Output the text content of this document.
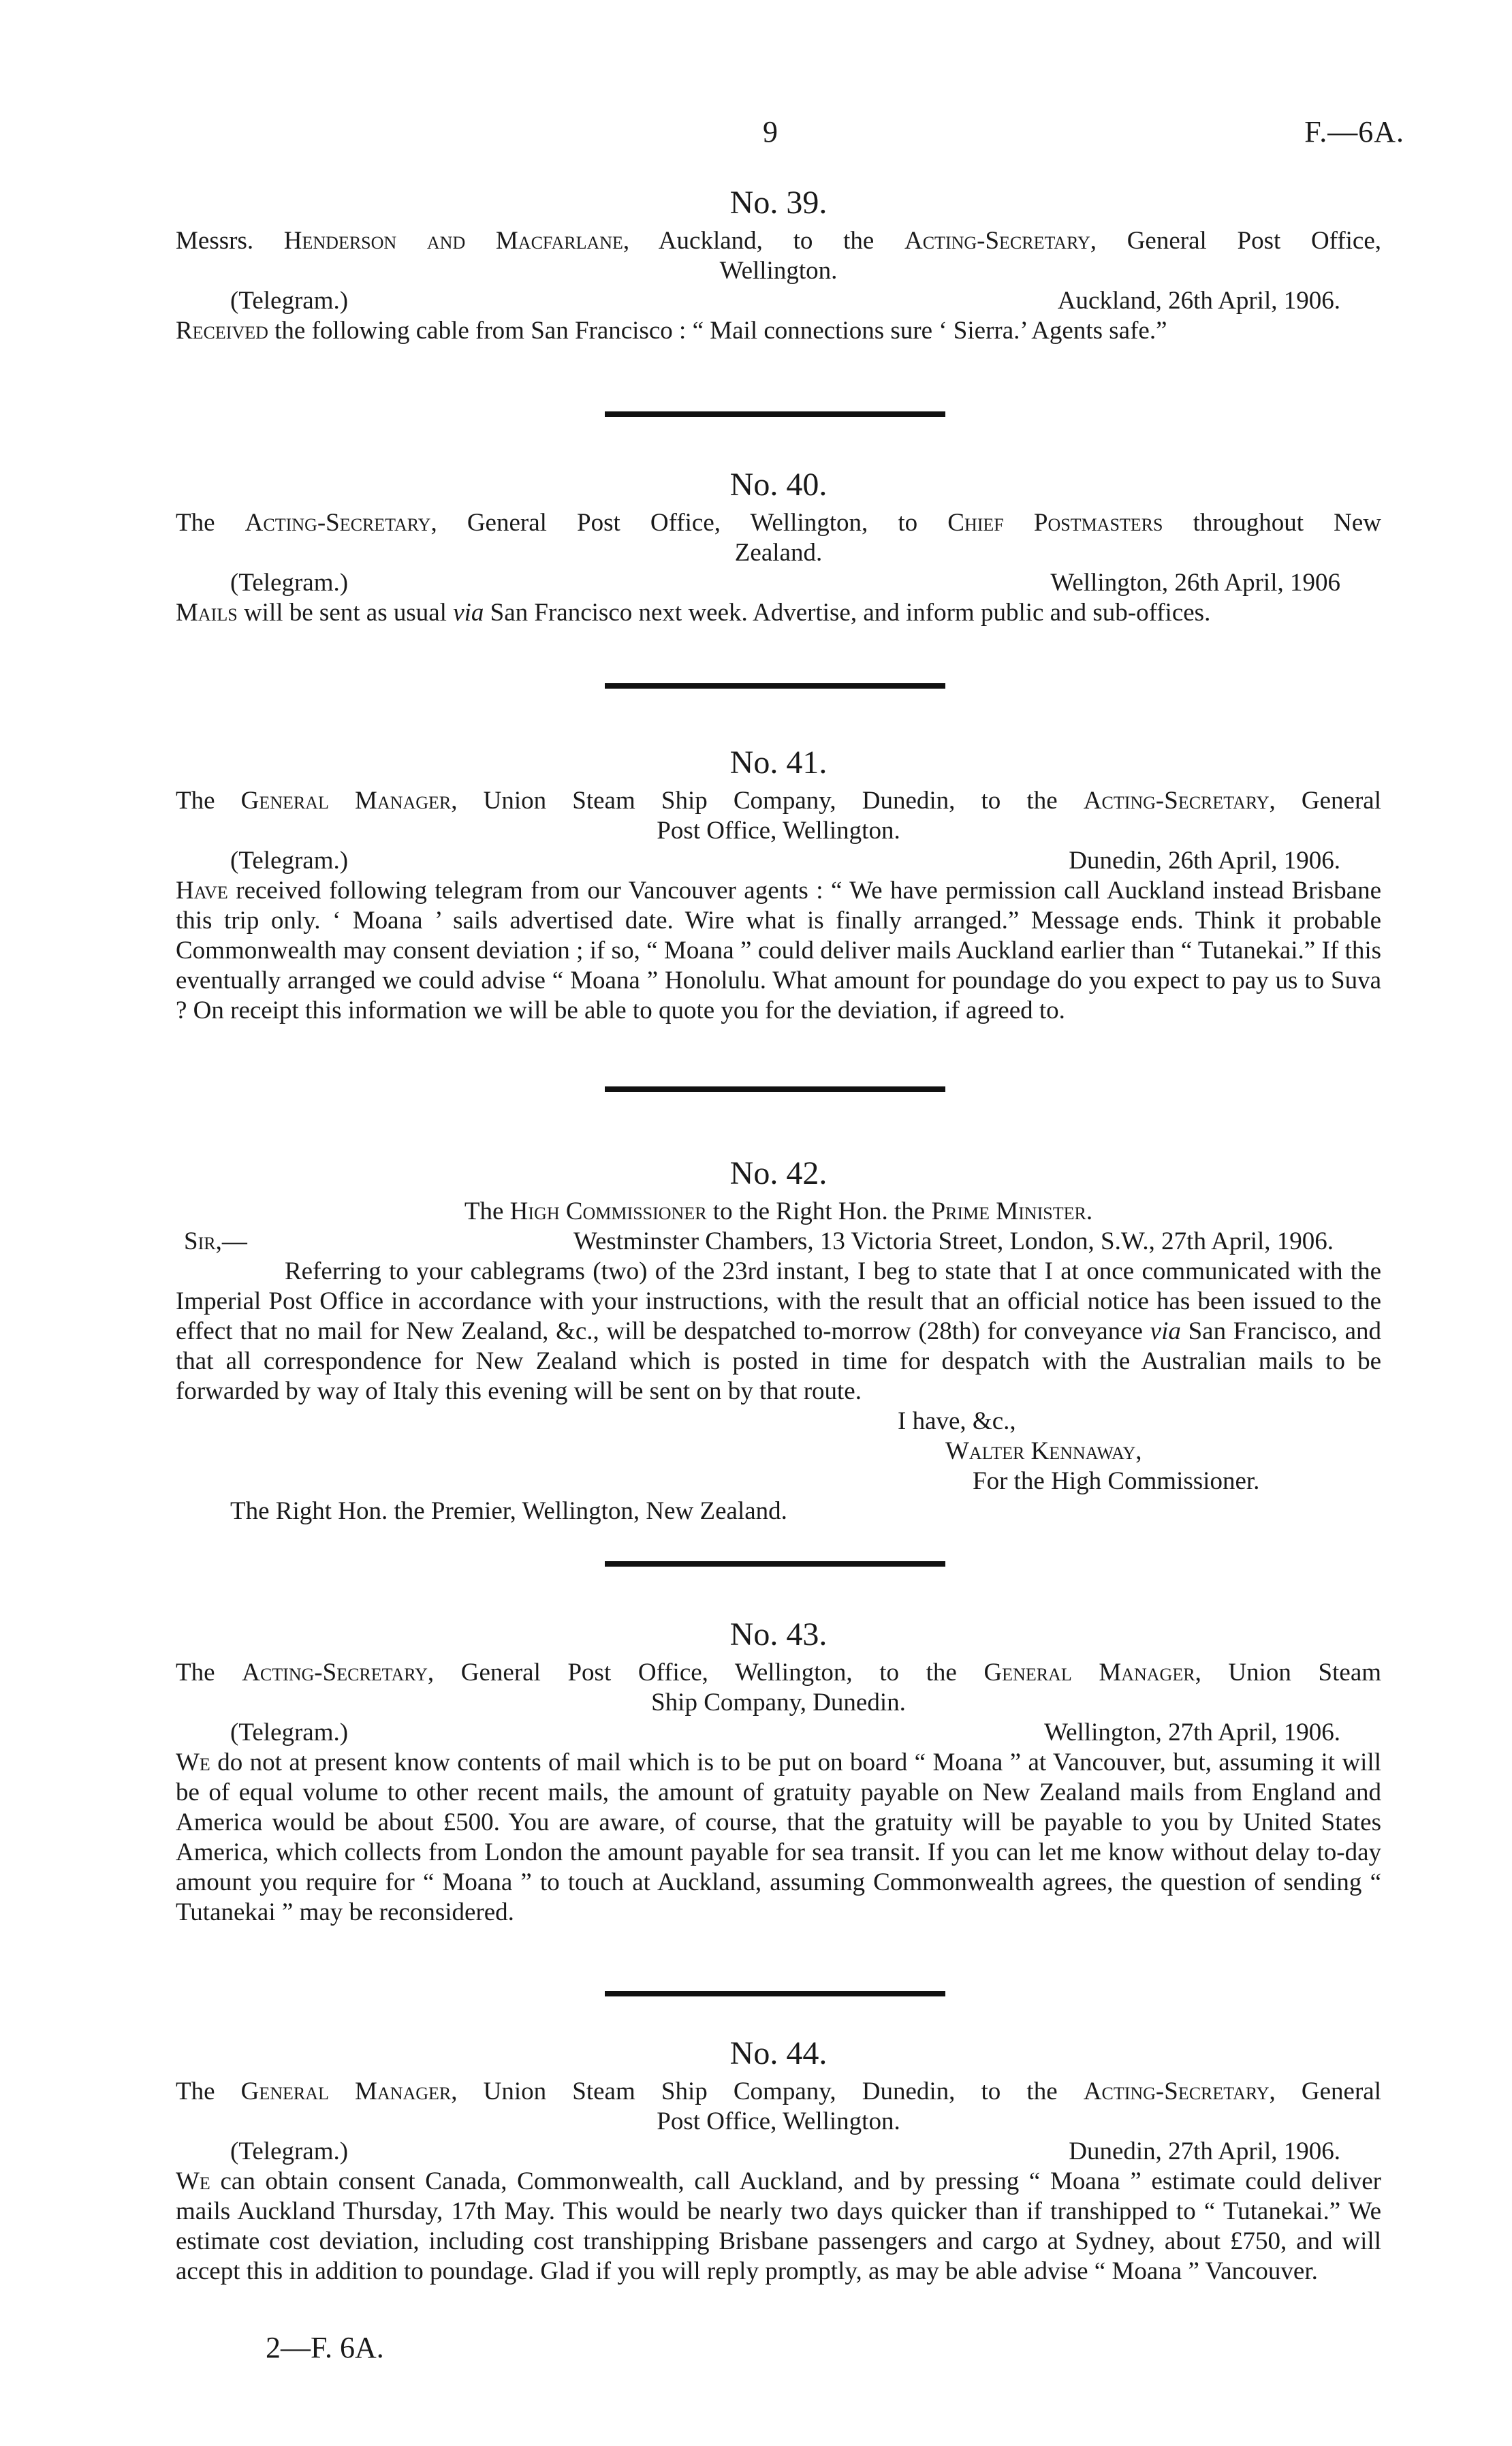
9	F.—6A.
No. 39.
Messrs. Henderson and Macfarlane, Auckland, to the Acting-Secretary, General Post Office,
Wellington.
(Telegram.)	Auckland, 26th April, 1906.
Received the following cable from San Francisco : “ Mail connections sure ‘ Sierra.’ Agents safe.”
No. 40.
The Acting-Secretary, General Post Office, Wellington, to Chief Postmasters throughout New
Zealand.
(Telegram.)	Wellington, 26th April, 1906
Mails will be sent as usual via San Francisco next week. Advertise, and inform public and sub-offices.
No. 41.
The General Manager, Union Steam Ship Company, Dunedin, to the Acting-Secretary, General
Post Office, Wellington.
(Telegram.)	Dunedin, 26th April, 1906.
Have received following telegram from our Vancouver agents : “ We have permission call Auckland instead Brisbane this trip only. ‘ Moana ’ sails advertised date. Wire what is finally arranged.” Message ends. Think it probable Commonwealth may consent deviation ; if so, “ Moana ” could deliver mails Auckland earlier than “ Tutanekai.” If this eventually arranged we could advise “ Moana ” Honolulu. What amount for poundage do you expect to pay us to Suva ? On receipt this information we will be able to quote you for the deviation, if agreed to.
No. 42.
The High Commissioner to the Right Hon. the Prime Minister.
Sir,—	Westminster Chambers, 13 Victoria Street, London, S.W., 27th April, 1906.
Referring to your cablegrams (two) of the 23rd instant, I beg to state that I at once communicated with the Imperial Post Office in accordance with your instructions, with the result that an official notice has been issued to the effect that no mail for New Zealand, &c., will be despatched to-morrow (28th) for conveyance via San Francisco, and that all correspondence for New Zealand which is posted in time for despatch with the Australian mails to be forwarded by way of Italy this evening will be sent on by that route.
I have, &c.,
Walter Kennaway,
For the High Commissioner.
The Right Hon. the Premier, Wellington, New Zealand.
No. 43.
The Acting-Secretary, General Post Office, Wellington, to the General Manager, Union Steam
Ship Company, Dunedin.
(Telegram.)	Wellington, 27th April, 1906.
We do not at present know contents of mail which is to be put on board “ Moana ” at Vancouver, but, assuming it will be of equal volume to other recent mails, the amount of gratuity payable on New Zealand mails from England and America would be about £500. You are aware, of course, that the gratuity will be payable to you by United States America, which collects from London the amount payable for sea transit. If you can let me know without delay to-day amount you require for “ Moana ” to touch at Auckland, assuming Commonwealth agrees, the question of sending “ Tutanekai ” may be reconsidered.
No. 44.
The General Manager, Union Steam Ship Company, Dunedin, to the Acting-Secretary, General
Post Office, Wellington.
(Telegram.)	Dunedin, 27th April, 1906.
We can obtain consent Canada, Commonwealth, call Auckland, and by pressing “ Moana ” estimate could deliver mails Auckland Thursday, 17th May. This would be nearly two days quicker than if transhipped to “ Tutanekai.” We estimate cost deviation, including cost transhipping Brisbane passengers and cargo at Sydney, about £750, and will accept this in addition to poundage. Glad if you will reply promptly, as may be able advise “ Moana ” Vancouver.
2—F. 6A.
